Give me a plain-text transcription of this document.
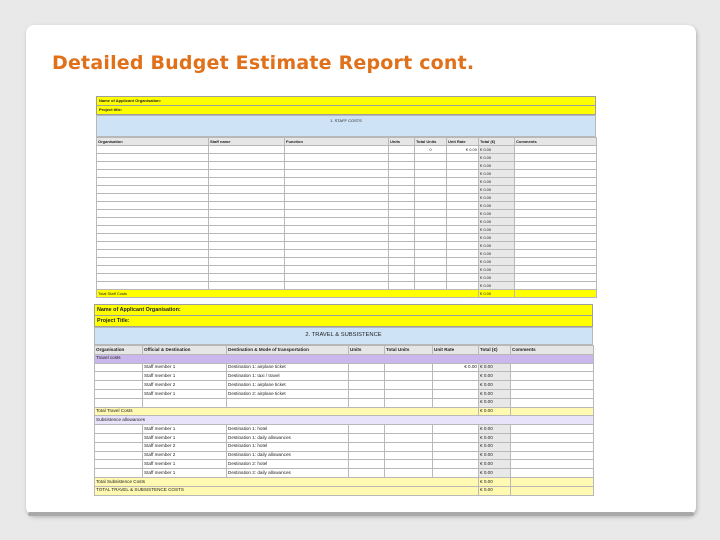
Detailed Budget Estimate Report cont.
Name of Applicant Organisation:
Project title:
1. STAFF COSTS
Organisation	Staff name	Function	Units	Total Units	Unit Rate	Total (€)	Comments
				0	€ 0.00	€ 0.00	
						€ 0.00	
						€ 0.00	
						€ 0.00	
						€ 0.00	
						€ 0.00	
						€ 0.00	
						€ 0.00	
						€ 0.00	
						€ 0.00	
						€ 0.00	
						€ 0.00	
						€ 0.00	
						€ 0.00	
						€ 0.00	
						€ 0.00	
						€ 0.00	
						€ 0.00	
Total Staff Costs						€ 0.00	
Name of Applicant Organisation:
Project Title:
2. TRAVEL & SUBSISTENCE
Organisation	Official & Destination	Destination & Mode of transportation	Units	Total Units	Unit Rate	Total (€)	Comments
Travel costs							
	Staff member 1	Destination 1: airplane ticket			€ 0.00	€ 0.00	
	Staff member 1	Destination 1: taxi / travel				€ 0.00	
	Staff member 2	Destination 1: airplane ticket				€ 0.00	
	Staff member 1	Destination 2: airplane ticket				€ 0.00	
						€ 0.00	
Total Travel Costs						€ 0.00	
Subsistence allowances							
	Staff member 1	Destination 1: hotel				€ 0.00	
	Staff member 1	Destination 1: daily allowances				€ 0.00	
	Staff member 2	Destination 1: hotel				€ 0.00	
	Staff member 2	Destination 1: daily allowances				€ 0.00	
	Staff member 1	Destination 2: hotel				€ 0.00	
	Staff member 1	Destination 2: daily allowances				€ 0.00	
Total Subsistence Costs						€ 0.00	
TOTAL TRAVEL & SUBSISTENCE COSTS						€ 0.00	
